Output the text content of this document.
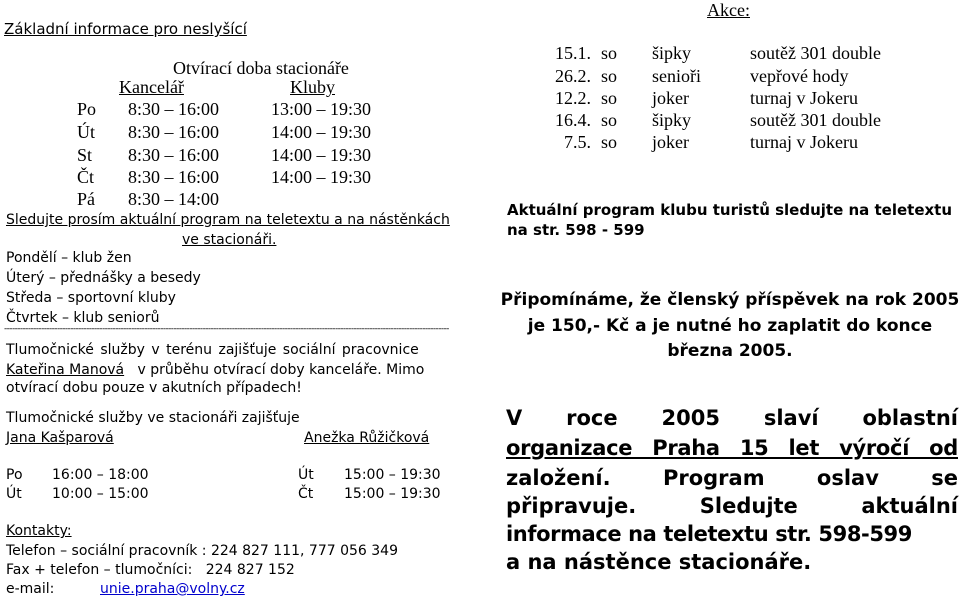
Základní informace pro neslyšící
Otvírací doba stacionáře
Kancelář	Kluby
Po 8:30 – 16:00	13:00 – 19:30
Út 8:30 – 16:00	14:00 – 19:30
St 8:30 – 16:00	14:00 – 19:30
Čt 8:30 – 16:00	14:00 – 19:30
Pá 8:30 – 14:00
Sledujte prosím aktuální program na teletextu a na nástěnkách
ve stacionáři.
Pondělí – klub žen
Úterý – přednášky a besedy
Středa – sportovní kluby
Čtvrtek – klub seniorů
------------------------------------------------------------------------------------------------------------------------------------------------------------------------
Tlumočnické služby v terénu zajišťuje sociální pracovnice
Kateřina Manová v průběhu otvírací doby kanceláře. Mimo
otvírací dobu pouze v akutních případech!
Tlumočnické služby ve stacionáři zajišťuje
Jana Kašparová	Anežka Růžičková
Po 16:00 – 18:00	Út 15:00 – 19:30
Út 10:00 – 15:00	Čt 15:00 – 19:30
Kontakty:
Telefon – sociální pracovník : 224 827 111, 777 056 349
Fax + telefon – tlumočníci:   224 827 152
e-mail:	unie.praha@volny.cz
Akce:
15.1. so šipky	soutěž 301 double
26.2. so senioři	vepřové hody
12.2. so joker	turnaj v Jokeru
16.4. so šipky	soutěž 301 double
7.5. so joker	turnaj v Jokeru
Aktuální program klubu turistů sledujte na teletextu
na str. 598 - 599
Připomínáme, že členský příspěvek na rok 2005
je 150,- Kč a je nutné ho zaplatit do konce
března 2005.
V roce 2005 slaví oblastní
organizace Praha 15 let výročí od
založení. Program oslav se
připravuje. Sledujte aktuální
informace na teletextu str. 598-599
a na nástěnce stacionáře.
